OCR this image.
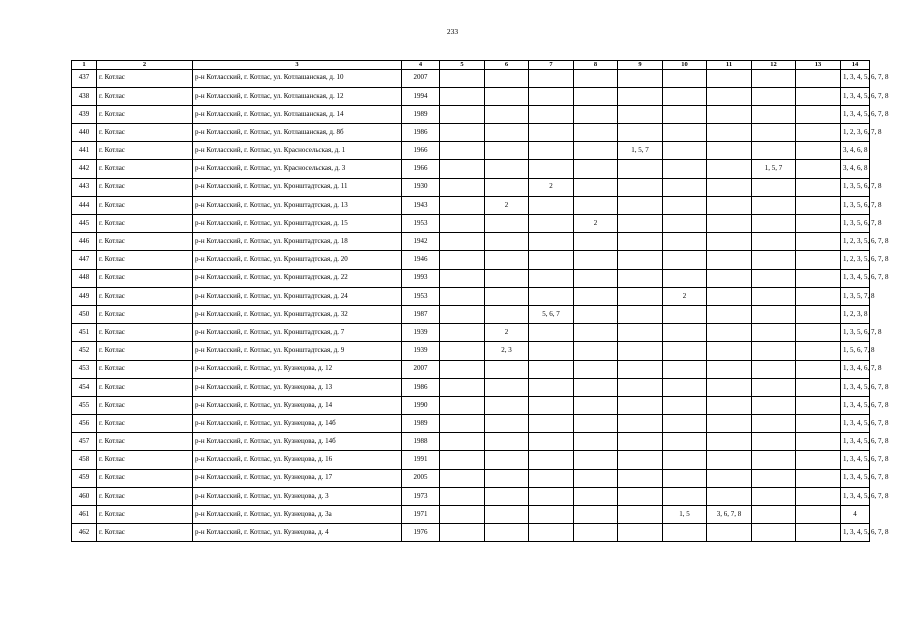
233
1	2	3	4	5	6	7	8	9	10	11	12	13	14
437	г. Котлас	р-н Котласский, г. Котлас, ул. Котлашанская, д. 10	2007										1, 3, 4, 5, 6, 7, 8
438	г. Котлас	р-н Котласский, г. Котлас, ул. Котлашанская, д. 12	1994										1, 3, 4, 5, 6, 7, 8
439	г. Котлас	р-н Котласский, г. Котлас, ул. Котлашанская, д. 14	1989										1, 3, 4, 5, 6, 7, 8
440	г. Котлас	р-н Котласский, г. Котлас, ул. Котлашанская, д. 8б	1986										1, 2, 3, 6, 7, 8
441	г. Котлас	р-н Котласский, г. Котлас, ул. Красносельская, д. 1	1966					1, 5, 7					3, 4, 6, 8
442	г. Котлас	р-н Котласский, г. Котлас, ул. Красносельская, д. 3	1966								1, 5, 7		3, 4, 6, 8
443	г. Котлас	р-н Котласский, г. Котлас, ул. Кронштадтская, д. 11	1930			2							1, 3, 5, 6, 7, 8
444	г. Котлас	р-н Котласский, г. Котлас, ул. Кронштадтская, д. 13	1943		2								1, 3, 5, 6, 7, 8
445	г. Котлас	р-н Котласский, г. Котлас, ул. Кронштадтская, д. 15	1953				2						1, 3, 5, 6, 7, 8
446	г. Котлас	р-н Котласский, г. Котлас, ул. Кронштадтская, д. 18	1942										1, 2, 3, 5, 6, 7, 8
447	г. Котлас	р-н Котласский, г. Котлас, ул. Кронштадтская, д. 20	1946										1, 2, 3, 5, 6, 7, 8
448	г. Котлас	р-н Котласский, г. Котлас, ул. Кронштадтская, д. 22	1993										1, 3, 4, 5, 6, 7, 8
449	г. Котлас	р-н Котласский, г. Котлас, ул. Кронштадтская, д. 24	1953						2				1, 3, 5, 7, 8
450	г. Котлас	р-н Котласский, г. Котлас, ул. Кронштадтская, д. 32	1987			5, 6, 7							1, 2, 3, 8
451	г. Котлас	р-н Котласский, г. Котлас, ул. Кронштадтская, д. 7	1939		2								1, 3, 5, 6, 7, 8
452	г. Котлас	р-н Котласский, г. Котлас, ул. Кронштадтская, д. 9	1939		2, 3								1, 5, 6, 7, 8
453	г. Котлас	р-н Котласский, г. Котлас, ул. Кузнецова, д. 12	2007										1, 3, 4, 6, 7, 8
454	г. Котлас	р-н Котласский, г. Котлас, ул. Кузнецова, д. 13	1986										1, 3, 4, 5, 6, 7, 8
455	г. Котлас	р-н Котласский, г. Котлас, ул. Кузнецова, д. 14	1990										1, 3, 4, 5, 6, 7, 8
456	г. Котлас	р-н Котласский, г. Котлас, ул. Кузнецова, д. 14б	1989										1, 3, 4, 5, 6, 7, 8
457	г. Котлас	р-н Котласский, г. Котлас, ул. Кузнецова, д. 14б	1988										1, 3, 4, 5, 6, 7, 8
458	г. Котлас	р-н Котласский, г. Котлас, ул. Кузнецова, д. 16	1991										1, 3, 4, 5, 6, 7, 8
459	г. Котлас	р-н Котласский, г. Котлас, ул. Кузнецова, д. 17	2005										1, 3, 4, 5, 6, 7, 8
460	г. Котлас	р-н Котласский, г. Котлас, ул. Кузнецова, д. 3	1973										1, 3, 4, 5, 6, 7, 8
461	г. Котлас	р-н Котласский, г. Котлас, ул. Кузнецова, д. 3а	1971						1, 5	3, 6, 7, 8			4
462	г. Котлас	р-н Котласский, г. Котлас, ул. Кузнецова, д. 4	1976										1, 3, 4, 5, 6, 7, 8
